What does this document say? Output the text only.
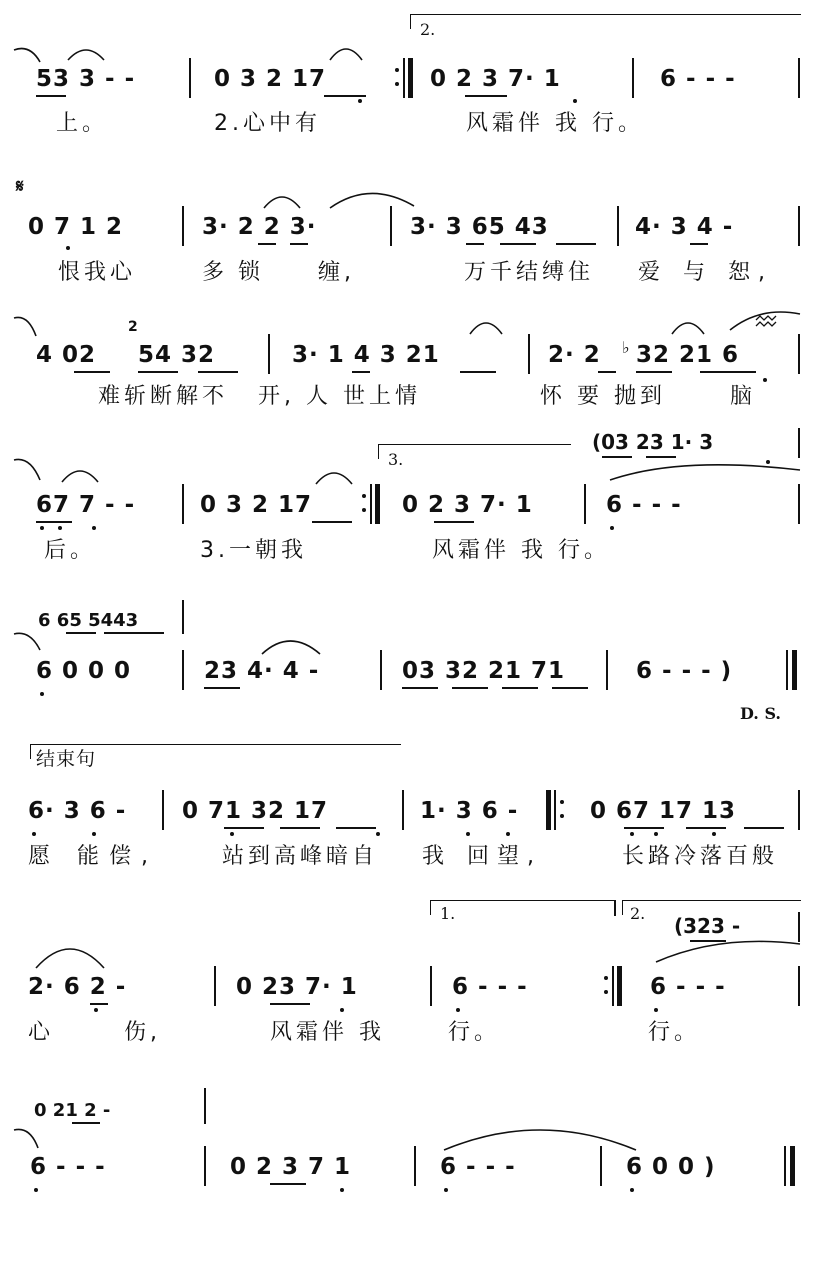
53 3 - -	0 3 2 17
2.
0 2 3 7· 1	6 - - -
上。	2.心中有	风霜伴 我 行。
𝄋
0 7 1 2	3· 2 2 3·	3· 3 65 43	4· 3 4 -
恨我心	多锁 缠,	万千结缚住 爱 与 恕,
4 02
2
54 32	3· 1 4 3 21	2· 2 ♭ 32 21 6
难斩断解不 开, 人 世上情	怀 要 抛到	脑
(03 23 1· 3
3.
67 7 - -	0 3 2 17	0 2 3 7· 1	6 - - -
后。	3.一朝我	风霜伴 我 行。
6 65 5443
6 0 0 0	23 4· 4 -	03 32 21 71	6 - - - )
D. S.
结束句
6· 3 6 - 0 71 32 17	1· 3 6 -	0 67 17 13
愿 能偿,	站到高峰暗自 我 回望,	长路冷落百般
1.	2.
(323 -
2· 6 2 -	0 23 7· 1	6 - - -	6 - - -
心	伤,	风霜伴 我	行。	行。
0 21 2 -
6 - - -	0 2 3 7 1	6 - - -	6 0 0 )
